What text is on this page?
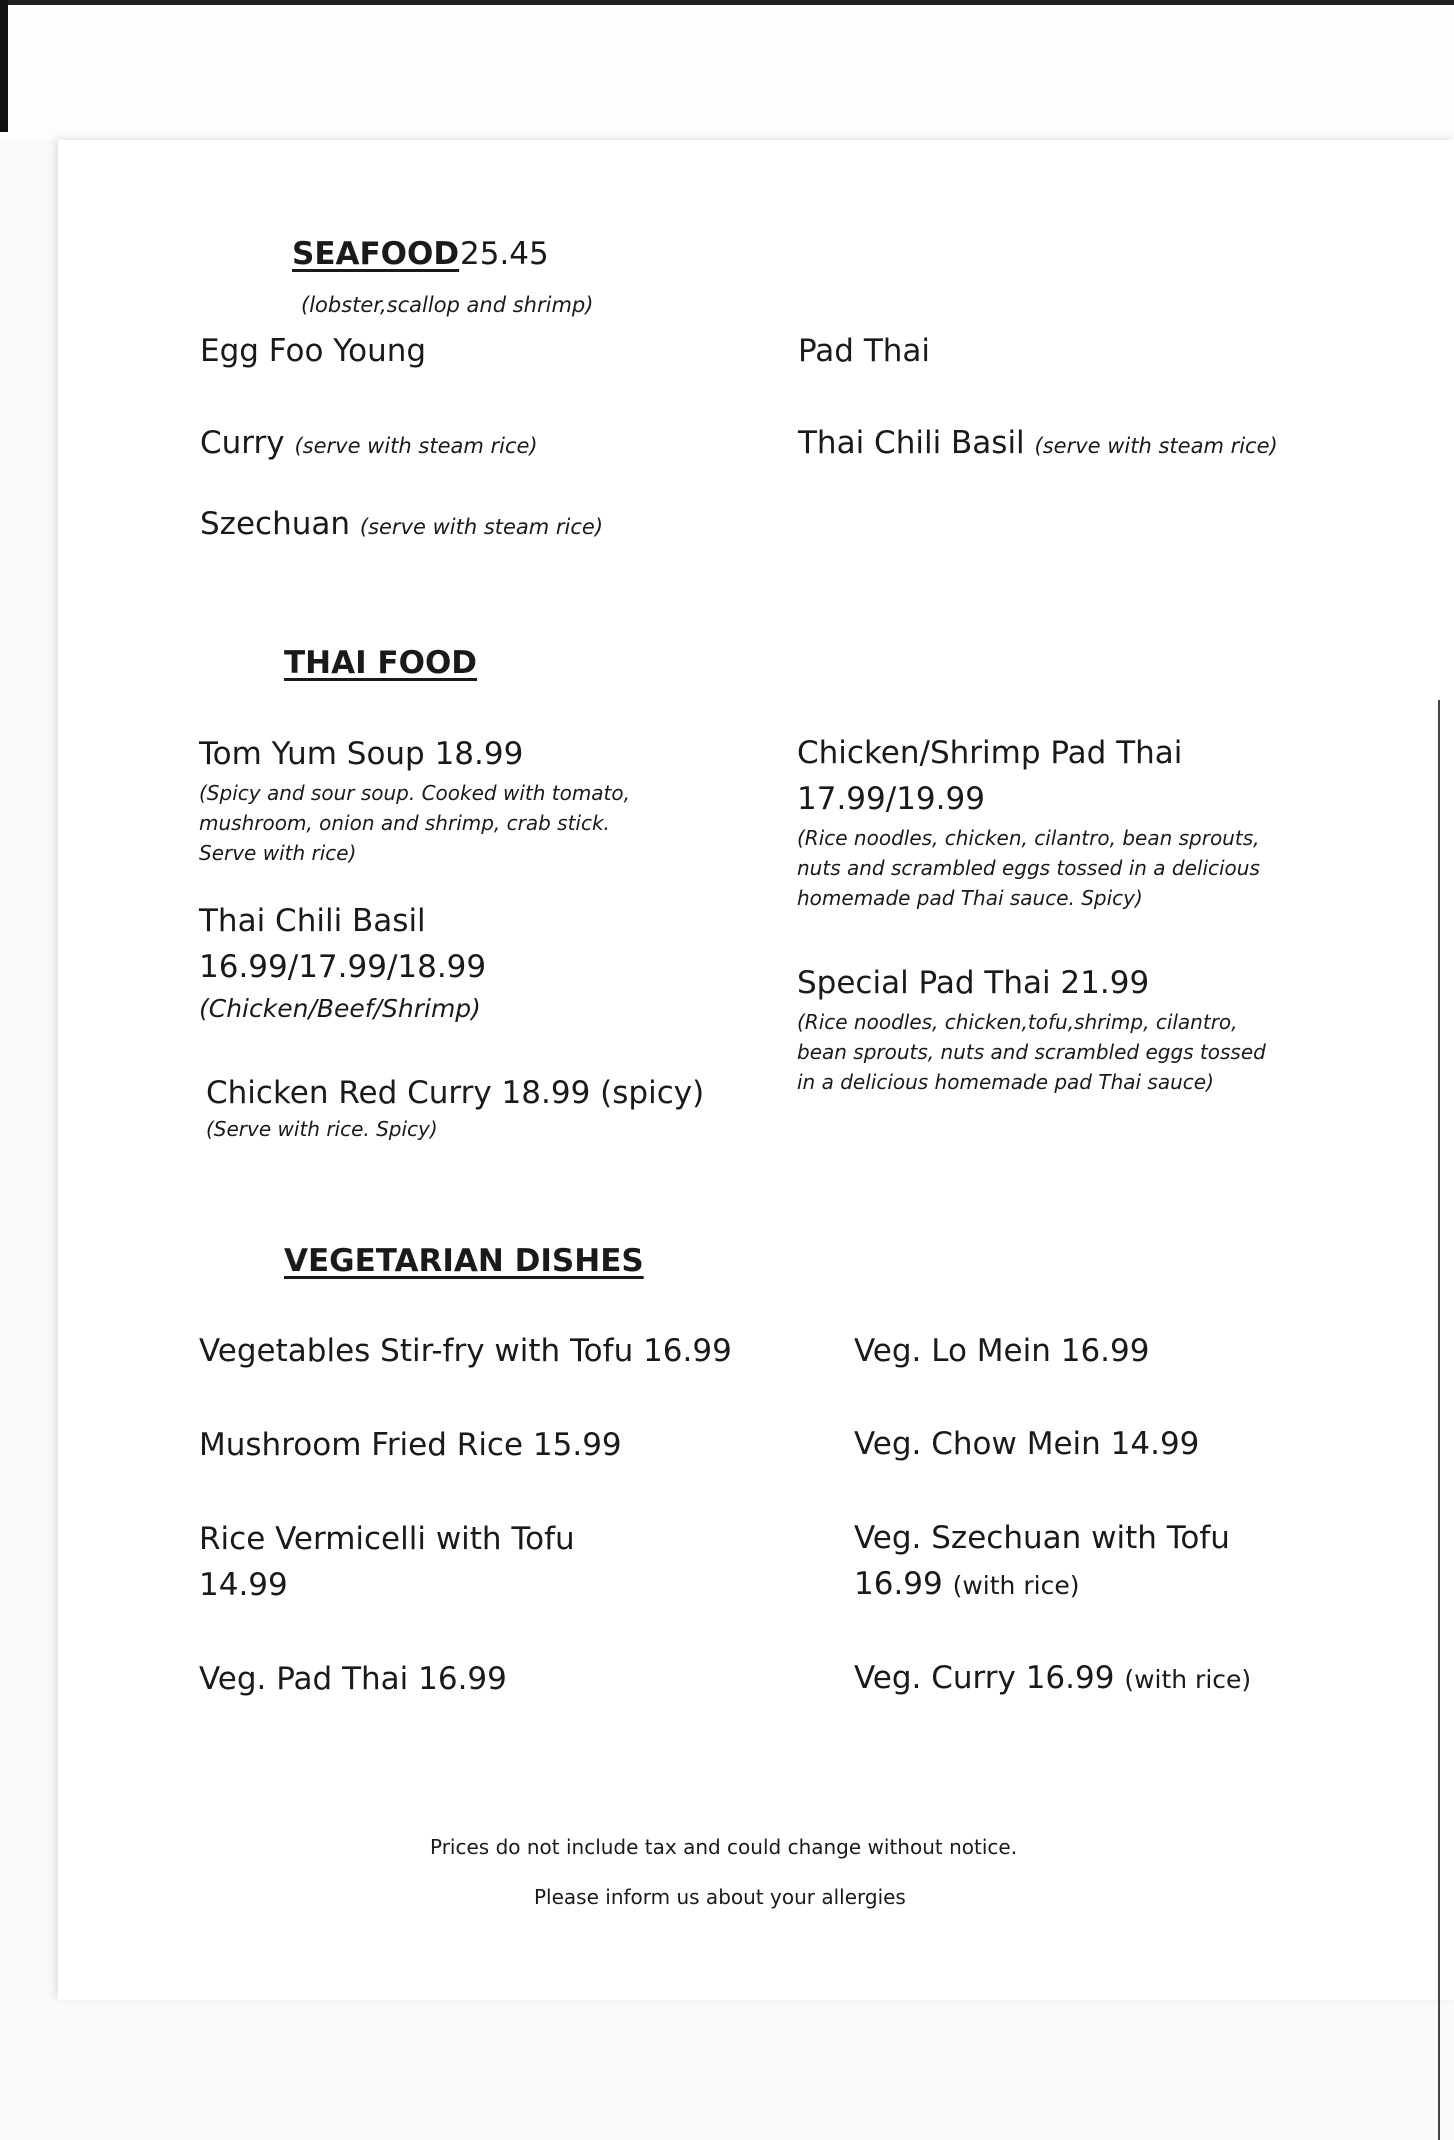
SEAFOOD 25.45
(lobster,scallop and shrimp)
Egg Foo Young
Curry (serve with steam rice)
Szechuan (serve with steam rice)
Pad Thai
Thai Chili Basil (serve with steam rice)
THAI FOOD
Tom Yum Soup 18.99
(Spicy and sour soup. Cooked with tomato, mushroom, onion and shrimp, crab stick. Serve with rice)
Thai Chili Basil
16.99/17.99/18.99
(Chicken/Beef/Shrimp)
Chicken Red Curry 18.99 (spicy)
(Serve with rice. Spicy)
Chicken/Shrimp Pad Thai
17.99/19.99
(Rice noodles, chicken, cilantro, bean sprouts, nuts and scrambled eggs tossed in a delicious homemade pad Thai sauce. Spicy)
Special Pad Thai 21.99
(Rice noodles, chicken,tofu,shrimp, cilantro, bean sprouts, nuts and scrambled eggs tossed in a delicious homemade pad Thai sauce)
VEGETARIAN DISHES
Vegetables Stir-fry with Tofu 16.99
Mushroom Fried Rice 15.99
Rice Vermicelli with Tofu
14.99
Veg. Pad Thai 16.99
Veg. Lo Mein 16.99
Veg. Chow Mein 14.99
Veg. Szechuan with Tofu
16.99 (with rice)
Veg. Curry 16.99 (with rice)
Prices do not include tax and could change without notice.
Please inform us about your allergies
